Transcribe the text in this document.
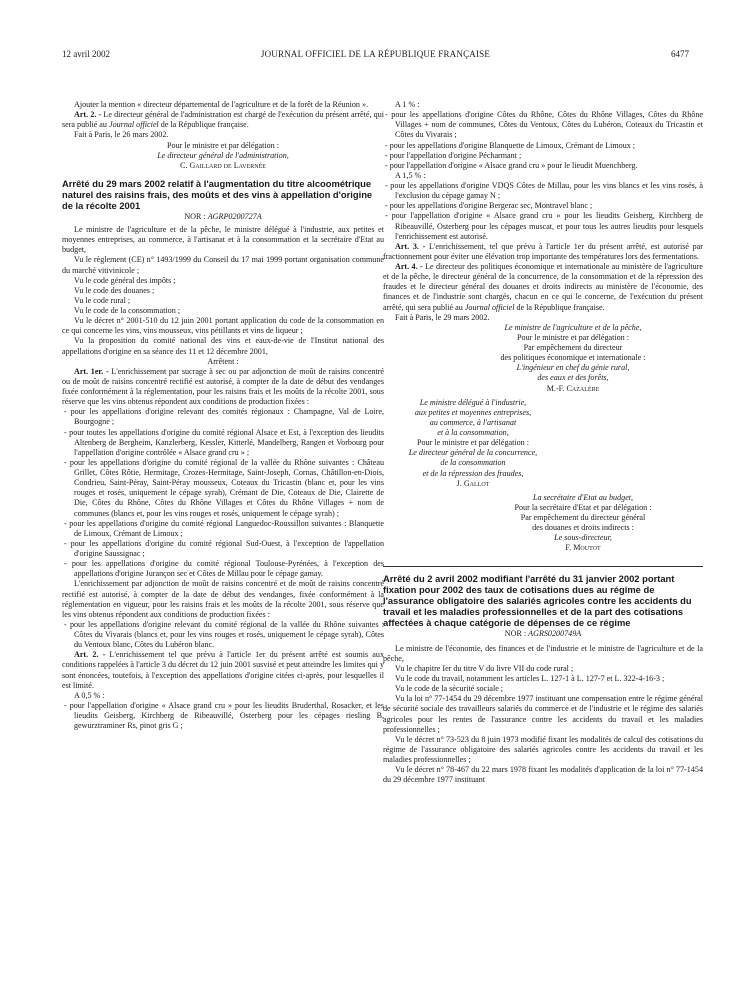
12 avril 2002	JOURNAL OFFICIEL DE LA RÉPUBLIQUE FRANÇAISE	6477

Ajouter la mention « directeur départemental de l'agriculture et de la forêt de la Réunion ».

Art. 2. - Le directeur général de l'administration est chargé de l'exécution du présent arrêté, qui sera publié au Journal officiel de la République française.

Fait à Paris, le 26 mars 2002.

Pour le ministre et par délégation :

Le directeur général de l'administration,

C. Gaillard de Lavernée

Arrêté du 29 mars 2002 relatif à l'augmentation du titre alcoométrique naturel des raisins frais, des moûts et des vins à appellation d'origine de la récolte 2001

NOR : AGRP0200727A

Le ministre de l'agriculture et de la pêche, le ministre délégué à l'industrie, aux petites et moyennes entreprises, au commerce, à l'artisanat et à la consommation et la secrétaire d'Etat au budget,

Vu le règlement (CE) n° 1493/1999 du Conseil du 17 mai 1999 portant organisation commune du marché vitivinicole ;

Vu le code général des impôts ;

Vu le code des douanes ;

Vu le code rural ;

Vu le code de la consommation ;

Vu le décret n° 2001-510 du 12 juin 2001 portant application du code de la consommation en ce qui concerne les vins, vins mousseux, vins pétillants et vins de liqueur ;

Vu la proposition du comité national des vins et eaux-de-vie de l'Institut national des appellations d'origine en sa séance des 11 et 12 décembre 2001,

Arrêtent :

Art. 1er. - L'enrichissement par sucrage à sec ou par adjonction de moût de raisins concentré ou de moût de raisins concentré rectifié est autorisé, à compter de la date de début des vendanges fixée conformément à la réglementation, pour les raisins frais et les moûts de la récolte 2001, sous réserve que les vins obtenus répondent aux conditions de production fixées :

- pour les appellations d'origine relevant des comités régionaux : Champagne, Val de Loire, Bourgogne ;

- pour toutes les appellations d'origine du comité régional Alsace et Est, à l'exception des lieudits Altenberg de Bergheim, Kanzlerberg, Kessler, Kitterlé, Mandelberg, Rangen et Vorbourg pour l'appellation d'origine contrôlée « Alsace grand cru » ;

- pour les appellations d'origine du comité régional de la vallée du Rhône suivantes : Château Grillet, Côtes Rôtie, Hermitage, Crozes-Hermitage, Saint-Joseph, Cornas, Châtillon-en-Diois, Condrieu, Saint-Péray, Saint-Péray mousseux, Coteaux du Tricastin (blanc et, pour les vins rouges et rosés, uniquement le cépage syrah), Crémant de Die, Coteaux de Die, Clairette de Die, Côtes du Rhône, Côtes du Rhône Villages et Côtes du Rhône Villages + nom de communes (blancs et, pour les vins rouges et rosés, uniquement le cépage syrah) ;

- pour les appellations d'origine du comité régional Languedoc-Roussillon suivantes : Blanquette de Limoux, Crémant de Limoux ;

- pour les appellations d'origine du comité régional Sud-Ouest, à l'exception de l'appellation d'origine Saussignac ;

- pour les appellations d'origine du comité régional Toulouse-Pyrénées, à l'exception des appellations d'origine Jurançon sec et Côtes de Millau pour le cépage gamay.

L'enrichissement par adjonction de moût de raisins concentré et de moût de raisins concentré rectifié est autorisé, à compter de la date de début des vendanges, fixée conformément à la réglementation en vigueur, pour les raisins frais et les moûts de la récolte 2001, sous réserve que les vins obtenus répondent aux conditions de production fixées :

- pour les appellations d'origine relevant du comité régional de la vallée du Rhône suivantes : Côtes du Vivarais (blancs et, pour les vins rouges et rosés, uniquement le cépage syrah), Côtes du Ventoux blanc, Côtes du Lubéron blanc.

Art. 2. - L'enrichissement tel que prévu à l'article 1er du présent arrêté est soumis aux conditions rappelées à l'article 3 du décret du 12 juin 2001 susvisé et peut atteindre les limites qui y sont énoncées, toutefois, à l'exception des appellations d'origine citées ci-après, pour lesquelles il est limité.

A 0,5 % :

- pour l'appellation d'origine « Alsace grand cru » pour les lieudits Bruderthal, Rosacker, et les lieudits Geisberg, Kirchberg de Ribeauvillé, Osterberg pour les cépages riesling B, gewurztraminer Rs, pinot gris G ;

A 1 % :

- pour les appellations d'origine Côtes du Rhône, Côtes du Rhône Villages, Côtes du Rhône Villages + nom de communes, Côtes du Ventoux, Côtes du Lubéron, Coteaux du Tricastin et Côtes du Vivarais ;

- pour les appellations d'origine Blanquette de Limoux, Crémant de Limoux ;

- pour l'appellation d'origine Pécharmant ;

- pour l'appellation d'origine « Alsace grand cru » pour le lieudit Muenchberg.

A 1,5 % :

- pour les appellations d'origine VDQS Côtes de Millau, pour les vins blancs et les vins rosés, à l'exclusion du cépage gamay N ;

- pour les appellations d'origine Bergerac sec, Montravel blanc ;

- pour l'appellation d'origine « Alsace grand cru » pour les lieudits Geisberg, Kirchberg de Ribeauvillé, Osterberg pour les cépages muscat, et pour tous les autres lieudits pour lesquels l'enrichissement est autorisé.

Art. 3. - L'enrichissement, tel que prévu à l'article 1er du présent arrêté, est autorisé par fractionnement pour éviter une élévation trop importante des températures lors des fermentations.

Art. 4. - Le directeur des politiques économique et internationale au ministère de l'agriculture et de la pêche, le directeur général de la concurrence, de la consommation et de la répression des fraudes et le directeur général des douanes et droits indirects au ministère de l'économie, des finances et de l'industrie sont chargés, chacun en ce qui le concerne, de l'exécution du présent arrêté, qui sera publié au Journal officiel de la République française.

Fait à Paris, le 29 mars 2002.

Le ministre de l'agriculture et de la pêche,

Pour le ministre et par délégation :

Par empêchement du directeur

des politiques économique et internationale :

L'ingénieur en chef du génie rural,

des eaux et des forêts,

M.-F. Cazalère

Le ministre délégué à l'industrie,

aux petites et moyennes entreprises,

au commerce, à l'artisanat

et à la consommation,

Pour le ministre et par délégation :

Le directeur général de la concurrence,

de la consommation

et de la répression des fraudes,

J. Gallot

La secrétaire d'Etat au budget,

Pour la secrétaire d'Etat et par délégation :

Par empêchement du directeur général

des douanes et droits indirects :

Le sous-directeur,

F. Moutot

Arrêté du 2 avril 2002 modifiant l'arrêté du 31 janvier 2002 portant fixation pour 2002 des taux de cotisations dues au régime de l'assurance obligatoire des salariés agricoles contre les accidents du travail et les maladies professionnelles et de la part des cotisations affectées à chaque catégorie de dépenses de ce régime

NOR : AGRS0200749A

Le ministre de l'économie, des finances et de l'industrie et le ministre de l'agriculture et de la pêche,

Vu le chapitre Ier du titre V du livre VII du code rural ;

Vu le code du travail, notamment les articles L. 127-1 à L. 127-7 et L. 322-4-16-3 ;

Vu le code de la sécurité sociale ;

Vu la loi n° 77-1454 du 29 décembre 1977 instituant une compensation entre le régime général de sécurité sociale des travailleurs salariés du commerce et de l'industrie et le régime des salariés agricoles pour les rentes de l'assurance contre les accidents du travail et les maladies professionnelles ;

Vu le décret n° 73-523 du 8 juin 1973 modifié fixant les modalités de calcul des cotisations du régime de l'assurance obligatoire des salariés agricoles contre les accidents du travail et les maladies professionnelles ;

Vu le décret n° 78-467 du 22 mars 1978 fixant les modalités d'application de la loi n° 77-1454 du 29 décembre 1977 instituant
